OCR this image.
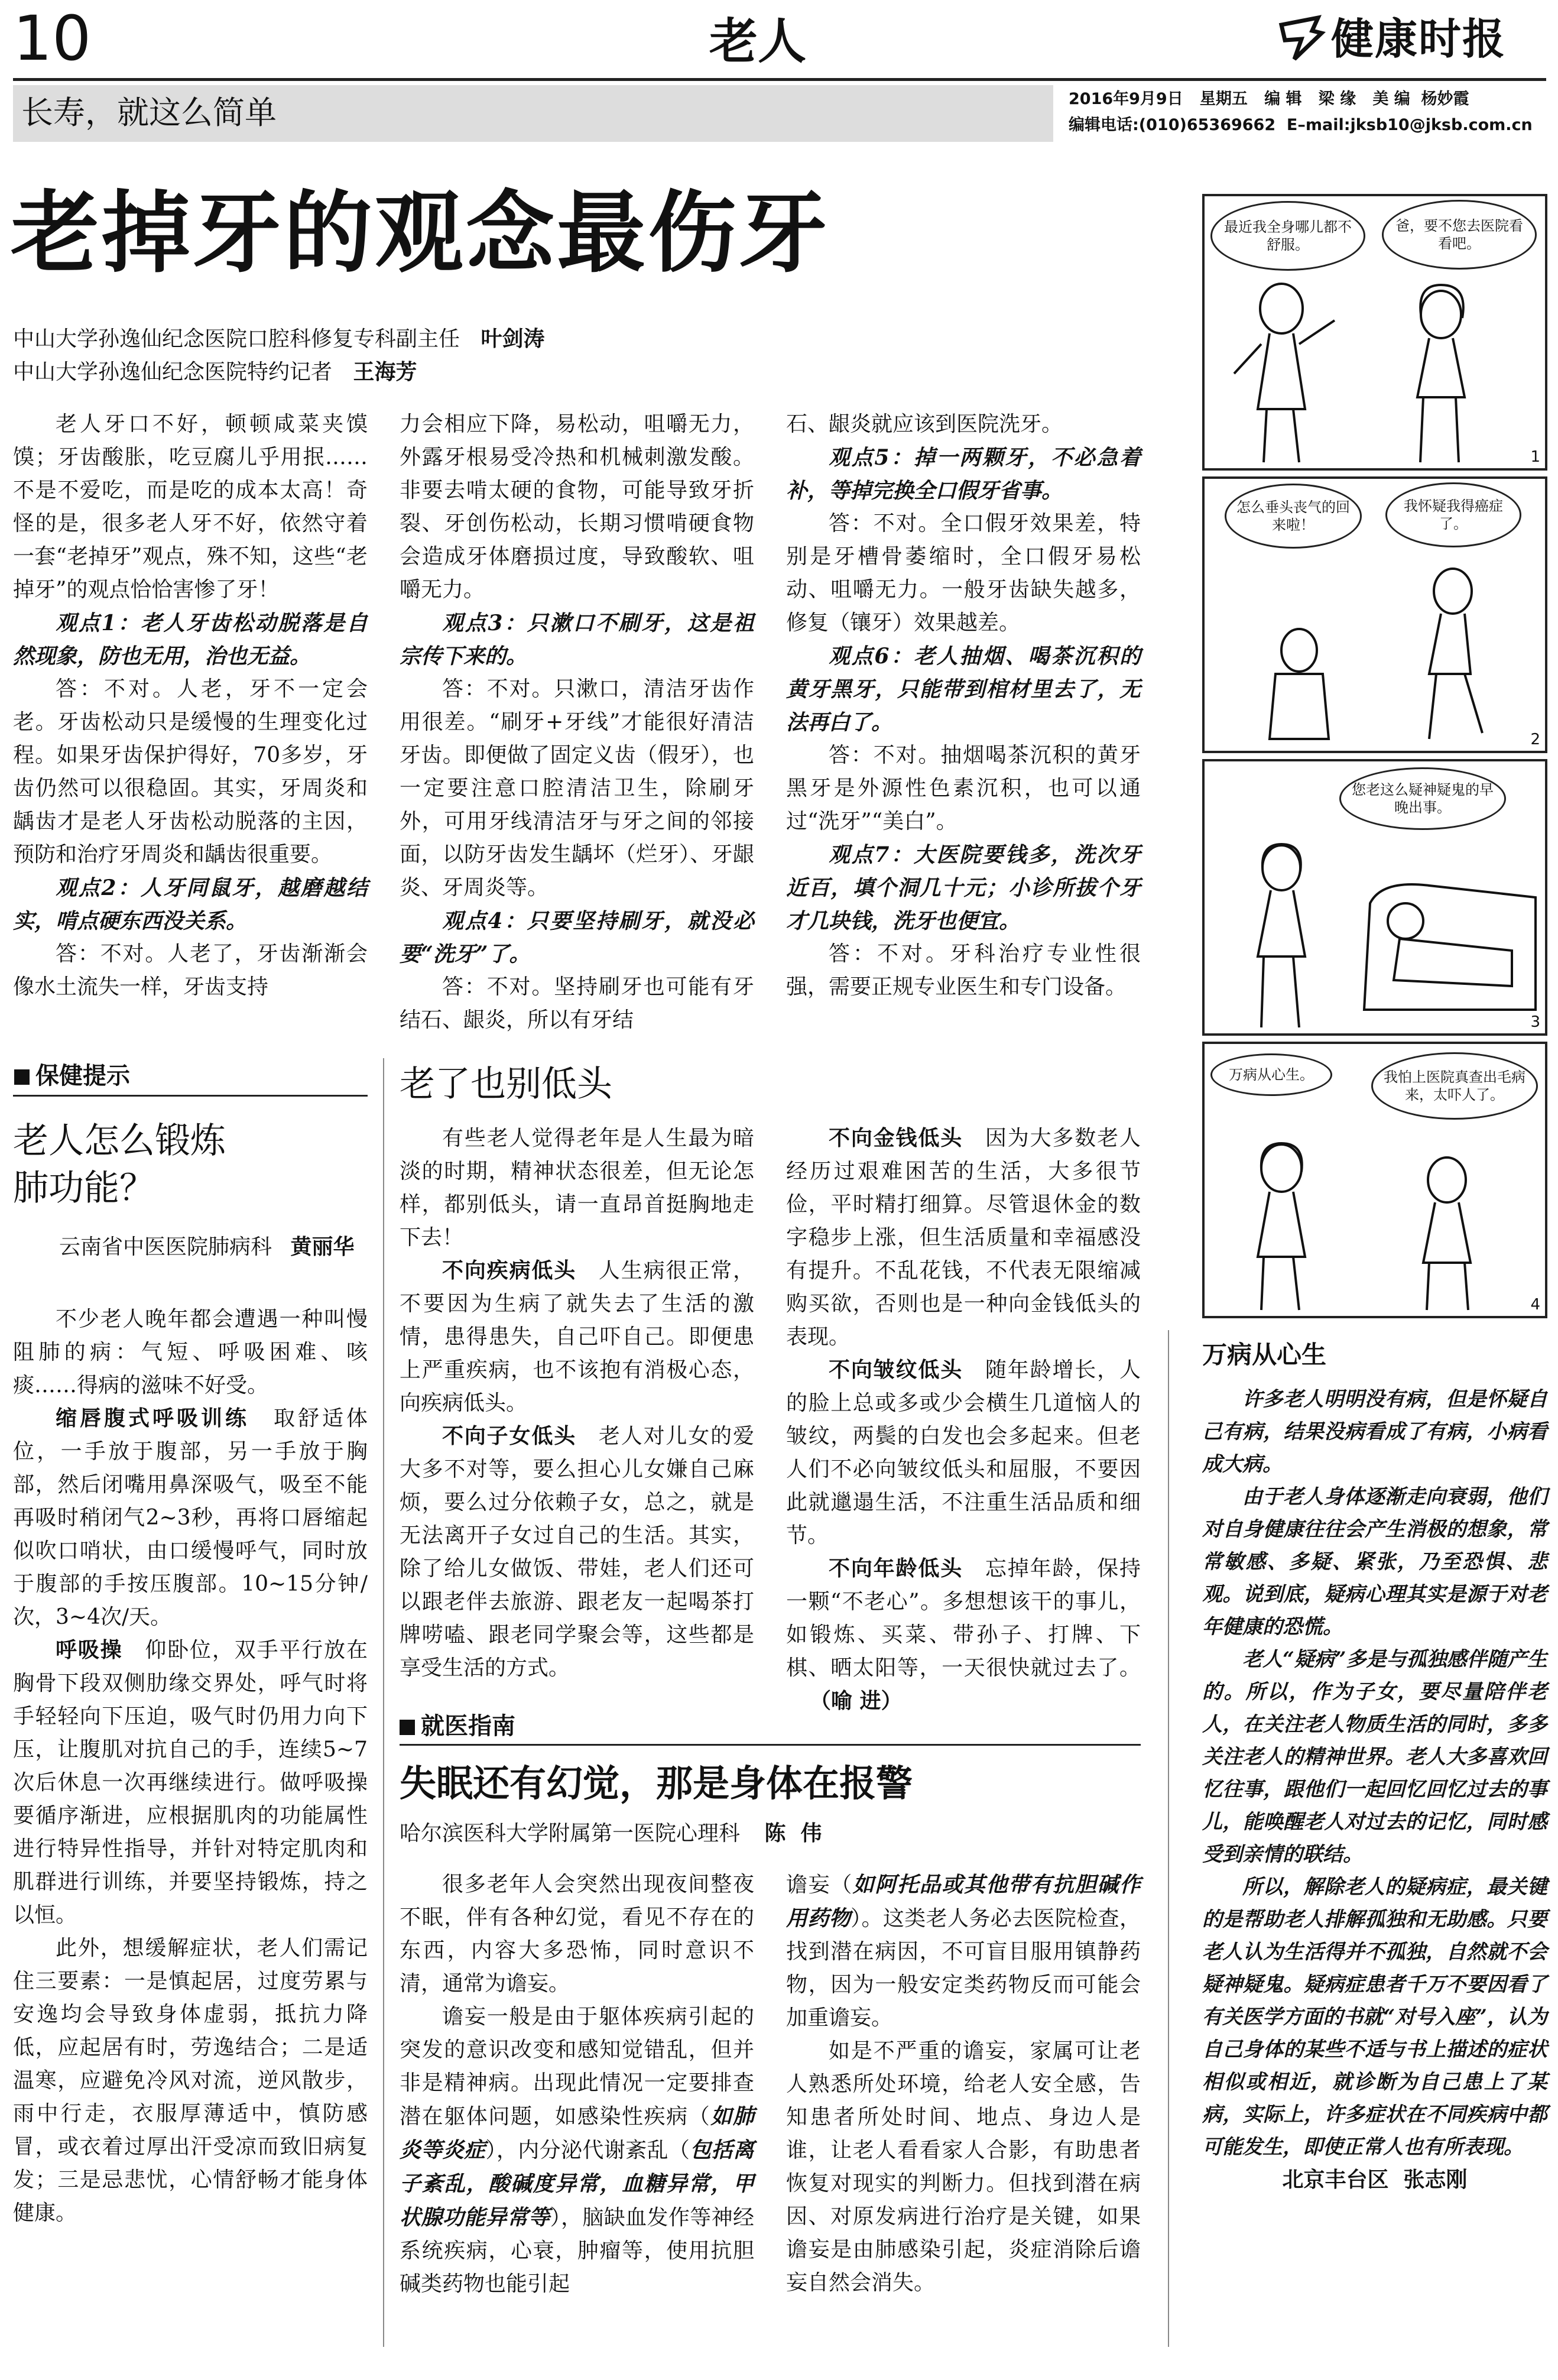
10	老人	健康时报
长寿，就这么简单	2016年9月9日   星期五   编 辑   梁 缘   美 编  杨妙霞
编辑电话:(010)65369662  E–mail:jksb10@jksb.com.cn
老掉牙的观念最伤牙
中山大学孙逸仙纪念医院口腔科修复专科副主任 叶剑涛
中山大学孙逸仙纪念医院特约记者 王海芳

老人牙口不好，顿顿咸菜夹馍馍；牙齿酸胀，吃豆腐儿乎用抿……不是不爱吃，而是吃的成本太高！奇怪的是，很多老人牙不好，依然守着一套“老掉牙”观点，殊不知，这些“老掉牙”的观点恰恰害惨了牙！

观点1：老人牙齿松动脱落是自然现象，防也无用，治也无益。

答：不对。人老，牙不一定会老。牙齿松动只是缓慢的生理变化过程。如果牙齿保护得好，70多岁，牙齿仍然可以很稳固。其实，牙周炎和龋齿才是老人牙齿松动脱落的主因，预防和治疗牙周炎和龋齿很重要。

观点2：人牙同鼠牙，越磨越结实，啃点硬东西没关系。

答：不对。人老了，牙齿渐渐会像水土流失一样，牙齿支持

力会相应下降，易松动，咀嚼无力，外露牙根易受冷热和机械刺激发酸。非要去啃太硬的食物，可能导致牙折裂、牙创伤松动，长期习惯啃硬食物会造成牙体磨损过度，导致酸软、咀嚼无力。

观点3：只漱口不刷牙，这是祖宗传下来的。

答：不对。只漱口，清洁牙齿作用很差。“刷牙+牙线”才能很好清洁牙齿。即便做了固定义齿（假牙），也一定要注意口腔清洁卫生，除刷牙外，可用牙线清洁牙与牙之间的邻接面，以防牙齿发生龋坏（烂牙）、牙龈炎、牙周炎等。

观点4：只要坚持刷牙，就没必要“洗牙”了。

答：不对。坚持刷牙也可能有牙结石、龈炎，所以有牙结

石、龈炎就应该到医院洗牙。

观点5：掉一两颗牙，不必急着补，等掉完换全口假牙省事。

答：不对。全口假牙效果差，特别是牙槽骨萎缩时，全口假牙易松动、咀嚼无力。一般牙齿缺失越多，修复（镶牙）效果越差。

观点6：老人抽烟、喝茶沉积的黄牙黑牙，只能带到棺材里去了，无法再白了。

答：不对。抽烟喝茶沉积的黄牙黑牙是外源性色素沉积，也可以通过“洗牙”“美白”。

观点7：大医院要钱多，洗次牙近百，填个洞几十元；小诊所拔个牙才几块钱，洗牙也便宜。

答：不对。牙科治疗专业性很强，需要正规专业医生和专门设备。

最近我全身哪儿都不舒服。
爸，要不您去医院看看吧。
1
怎么垂头丧气的回来啦！
我怀疑我得癌症了。
2
您老这么疑神疑鬼的早晚出事。
3
万病从心生。	我怕上医院真查出毛病来，太吓人了。
4
保健提示
老人怎么锻炼
肺功能？
云南省中医医院肺病科 黄丽华

不少老人晚年都会遭遇一种叫慢阻肺的病：气短、呼吸困难、咳痰……得病的滋味不好受。

缩唇腹式呼吸训练　 取舒适体位，一手放于腹部，另一手放于胸部，然后闭嘴用鼻深吸气，吸至不能再吸时稍闭气2~3秒，再将口唇缩起似吹口哨状，由口缓慢呼气，同时放于腹部的手按压腹部。10~15分钟/次，3~4次/天。

呼吸操　 仰卧位，双手平行放在胸骨下段双侧肋缘交界处，呼气时将手轻轻向下压迫，吸气时仍用力向下压，让腹肌对抗自己的手，连续5~7次后休息一次再继续进行。做呼吸操要循序渐进，应根据肌肉的功能属性进行特异性指导，并针对特定肌肉和肌群进行训练，并要坚持锻炼，持之以恒。

此外，想缓解症状，老人们需记住三要素：一是慎起居，过度劳累与安逸均会导致身体虚弱，抵抗力降低，应起居有时，劳逸结合；二是适温寒，应避免冷风对流，逆风散步，雨中行走，衣服厚薄适中，慎防感冒，或衣着过厚出汗受凉而致旧病复发；三是忌悲忧，心情舒畅才能身体健康。

老了也别低头

有些老人觉得老年是人生最为暗淡的时期，精神状态很差，但无论怎样，都别低头，请一直昂首挺胸地走下去！

不向疾病低头　 人生病很正常，不要因为生病了就失去了生活的激情，患得患失，自己吓自己。即便患上严重疾病，也不该抱有消极心态，向疾病低头。

不向子女低头　 老人对儿女的爱大多不对等，要么担心儿女嫌自己麻烦，要么过分依赖子女，总之，就是无法离开子女过自己的生活。其实，除了给儿女做饭、带娃，老人们还可以跟老伴去旅游、跟老友一起喝茶打牌唠嗑、跟老同学聚会等，这些都是享受生活的方式。

不向金钱低头　 因为大多数老人经历过艰难困苦的生活，大多很节俭，平时精打细算。尽管退休金的数字稳步上涨，但生活质量和幸福感没有提升。不乱花钱，不代表无限缩减购买欲，否则也是一种向金钱低头的表现。

不向皱纹低头　 随年龄增长，人的脸上总或多或少会横生几道恼人的皱纹，两鬓的白发也会多起来。但老人们不必向皱纹低头和屈服，不要因此就邋遢生活，不注重生活品质和细节。

不向年龄低头　 忘掉年龄，保持一颗“不老心”。多想想该干的事儿，如锻炼、买菜、带孙子、打牌、下棋、晒太阳等，一天很快就过去了。（喻 进）

就医指南
失眠还有幻觉，那是身体在报警
哈尔滨医科大学附属第一医院心理科 陈  伟

很多老年人会突然出现夜间整夜不眠，伴有各种幻觉，看见不存在的东西，内容大多恐怖，同时意识不清，通常为谵妄。

谵妄一般是由于躯体疾病引起的突发的意识改变和感知觉错乱，但并非是精神病。出现此情况一定要排查潜在躯体问题，如感染性疾病（如肺炎等炎症），内分泌代谢紊乱（包括离子紊乱，酸碱度异常，血糖异常，甲状腺功能异常等），脑缺血发作等神经系统疾病，心衰，肿瘤等，使用抗胆碱类药物也能引起

谵妄（如阿托品或其他带有抗胆碱作用药物）。这类老人务必去医院检查，找到潜在病因，不可盲目服用镇静药物，因为一般安定类药物反而可能会加重谵妄。

如是不严重的谵妄，家属可让老人熟悉所处环境，给老人安全感，告知患者所处时间、地点、身边人是谁，让老人看看家人合影，有助患者恢复对现实的判断力。但找到潜在病因、对原发病进行治疗是关键，如果谵妄是由肺感染引起，炎症消除后谵妄自然会消失。

万病从心生

许多老人明明没有病，但是怀疑自己有病，结果没病看成了有病，小病看成大病。

由于老人身体逐渐走向衰弱，他们对自身健康往往会产生消极的想象，常常敏感、多疑、紧张，乃至恐惧、悲观。说到底，疑病心理其实是源于对老年健康的恐慌。

老人“疑病”多是与孤独感伴随产生的。所以，作为子女，要尽量陪伴老人，在关注老人物质生活的同时，多多关注老人的精神世界。老人大多喜欢回忆往事，跟他们一起回忆回忆过去的事儿，能唤醒老人对过去的记忆，同时感受到亲情的联结。

所以，解除老人的疑病症，最关键的是帮助老人排解孤独和无助感。只要老人认为生活得并不孤独，自然就不会疑神疑鬼。疑病症患者千万不要因看了有关医学方面的书就“对号入座”，认为自己身体的某些不适与书上描述的症状相似或相近，就诊断为自己患上了某病，实际上，许多症状在不同疾病中都可能发生，即使正常人也有所表现。

北京丰台区  张志刚
